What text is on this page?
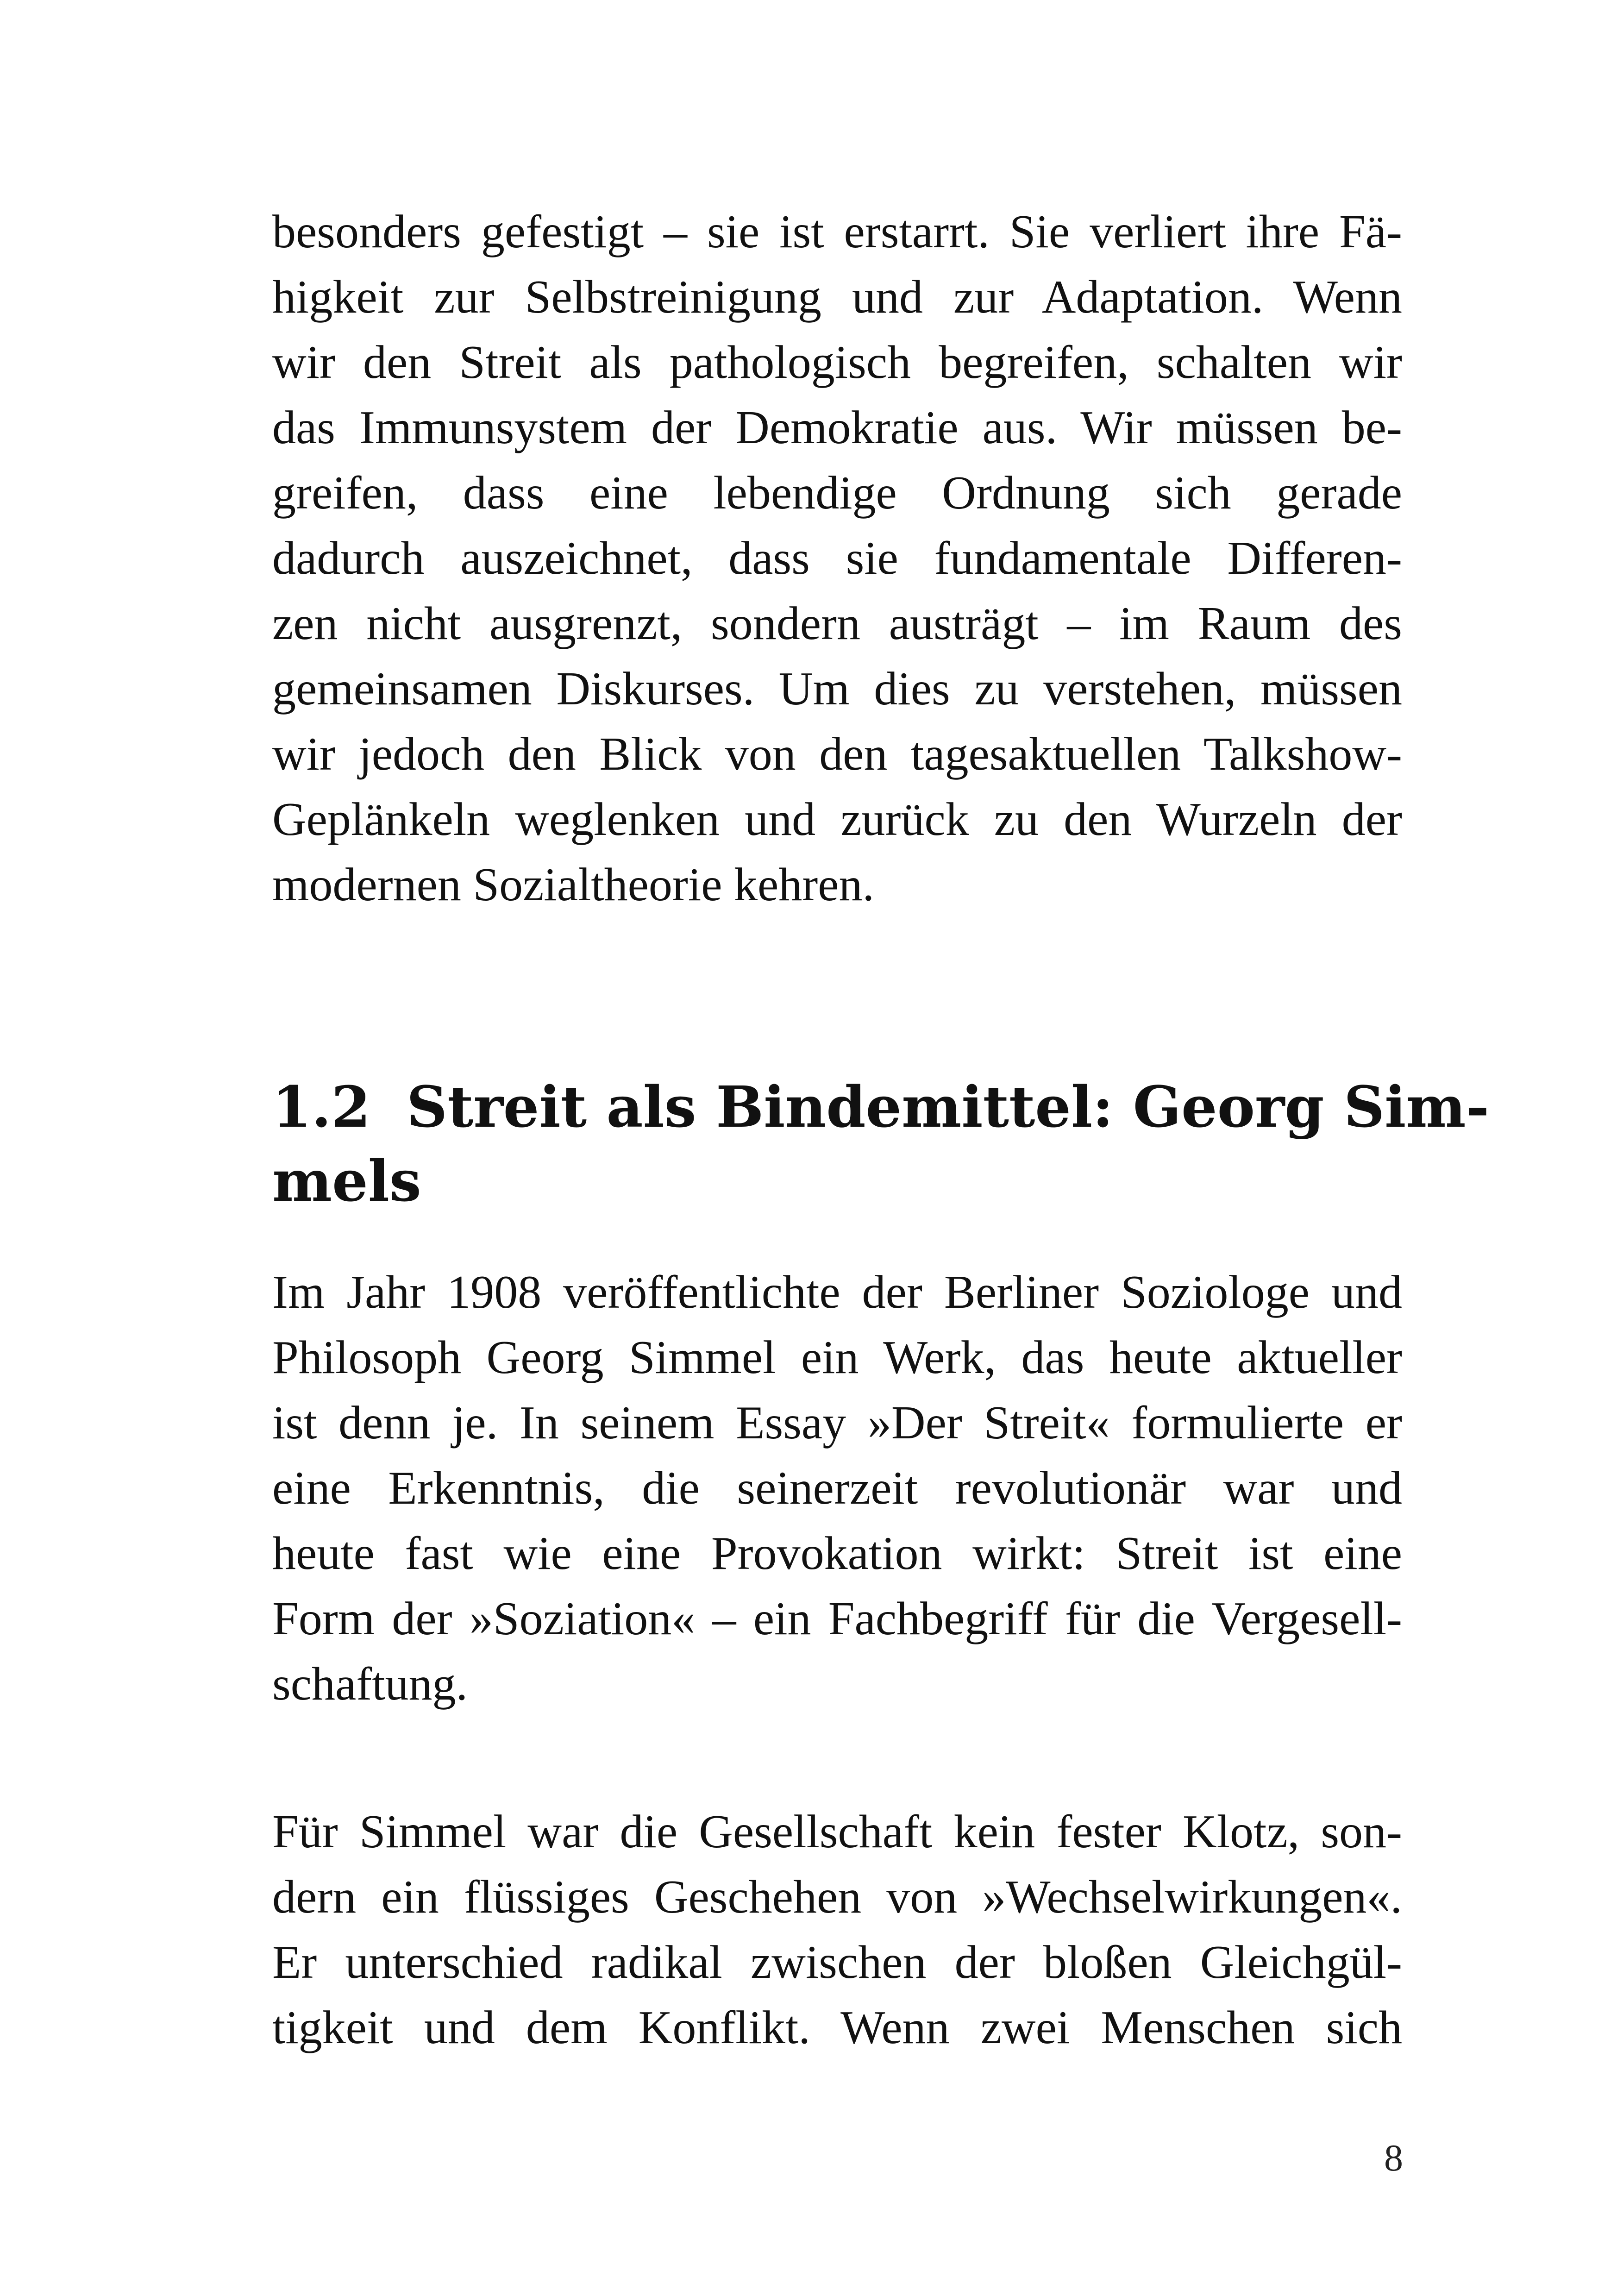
besonders gefestigt – sie ist erstarrt. Sie verliert ihre Fä-
higkeit zur Selbstreinigung und zur Adaptation. Wenn
wir den Streit als pathologisch begreifen, schalten wir
das Immunsystem der Demokratie aus. Wir müssen be-
greifen, dass eine lebendige Ordnung sich gerade
dadurch auszeichnet, dass sie fundamentale Differen-
zen nicht ausgrenzt, sondern austrägt – im Raum des
gemeinsamen Diskurses. Um dies zu verstehen, müssen
wir jedoch den Blick von den tagesaktuellen Talkshow-
Geplänkeln weglenken und zurück zu den Wurzeln der
modernen Sozialtheorie kehren.
1.2 Streit als Bindemittel: Georg Sim-
mels
Im Jahr 1908 veröffentlichte der Berliner Soziologe und
Philosoph Georg Simmel ein Werk, das heute aktueller
ist denn je. In seinem Essay »Der Streit« formulierte er
eine Erkenntnis, die seinerzeit revolutionär war und
heute fast wie eine Provokation wirkt: Streit ist eine
Form der »Soziation« – ein Fachbegriff für die Vergesell-
schaftung.
Für Simmel war die Gesellschaft kein fester Klotz, son-
dern ein flüssiges Geschehen von »Wechselwirkungen«.
Er unterschied radikal zwischen der bloßen Gleichgül-
tigkeit und dem Konflikt. Wenn zwei Menschen sich
8
